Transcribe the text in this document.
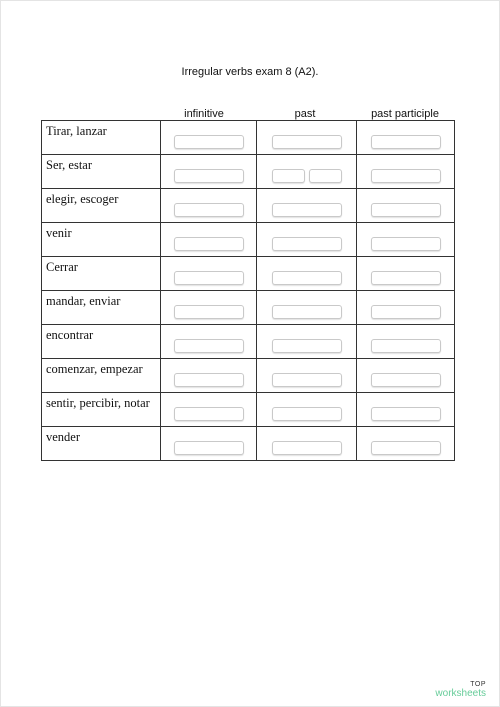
Irregular verbs exam 8 (A2).
infinitive	past	past participle
Tirar, lanzar			
Ser, estar			
elegir, escoger			
venir			
Cerrar			
mandar, enviar			
encontrar			
comenzar, empezar			
sentir, percibir, notar			
vender			
TOP
worksheets
